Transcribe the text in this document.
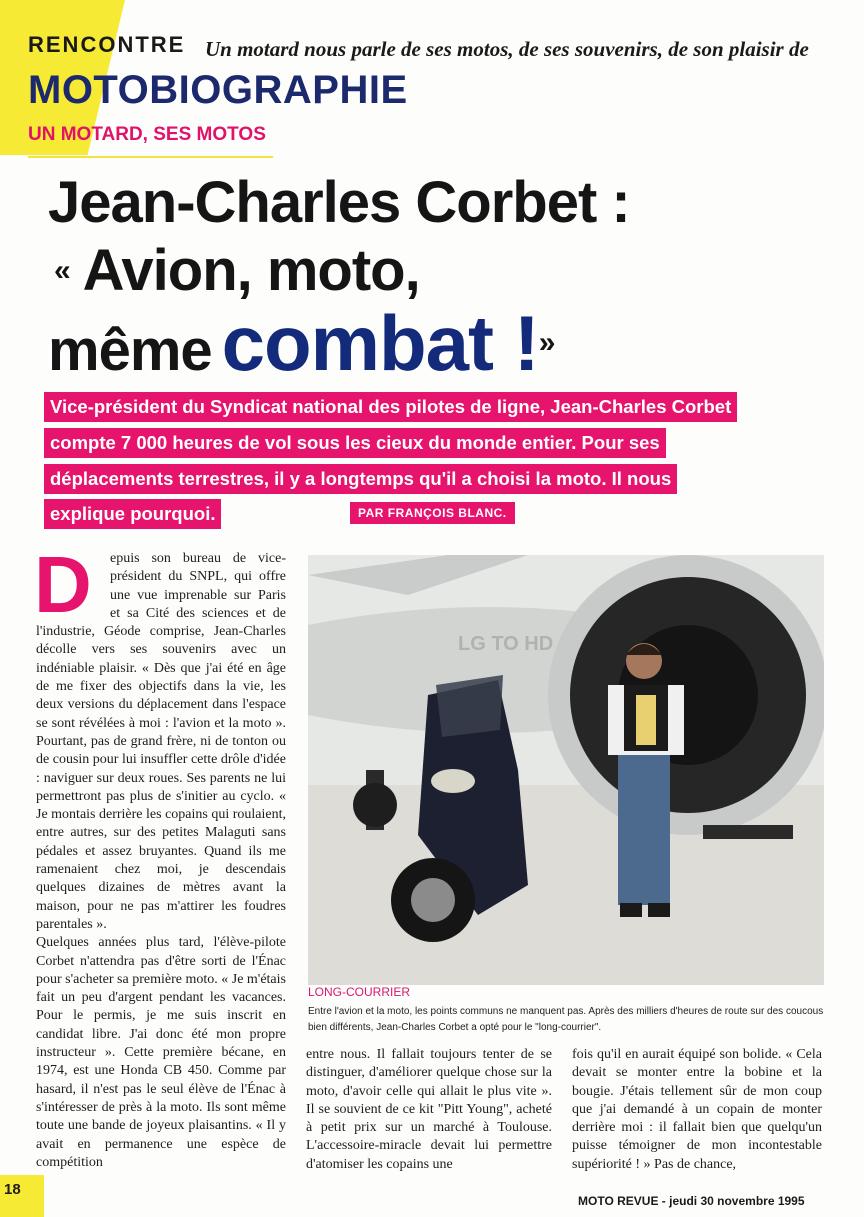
RENCONTRE Un motard nous parle de ses motos, de ses souvenirs, de son plaisir de
MOTOBIOGRAPHIE
UN MOTARD, SES MOTOS
Jean-Charles Corbet :
« Avion, moto,
même combat !»
Vice-président du Syndicat national des pilotes de ligne, Jean-Charles Corbet
compte 7 000 heures de vol sous les cieux du monde entier. Pour ses
déplacements terrestres, il y a longtemps qu'il a choisi la moto. Il nous
explique pourquoi.	PAR FRANÇOIS BLANC.

D	epuis son bureau de vice-président du SNPL, qui offre une vue imprenable sur Paris et sa Cité des sciences et de l'industrie, Géode comprise, Jean-Charles décolle vers ses souvenirs avec un indéniable plaisir. « Dès que j'ai été en âge de me fixer des objectifs dans la vie, les deux versions du déplacement dans l'espace se sont révélées à moi : l'avion et la moto ». Pourtant, pas de grand frère, ni de tonton ou de cousin pour lui insuffler cette drôle d'idée : naviguer sur deux roues. Ses parents ne lui permettront pas plus de s'initier au cyclo. « Je montais derrière les copains qui roulaient, entre autres, sur des petites Malaguti sans pédales et assez bruyantes. Quand ils me ramenaient chez moi, je descendais quelques dizaines de mètres avant la maison, pour ne pas m'attirer les foudres parentales ».

Quelques années plus tard, l'élève-pilote Corbet n'attendra pas d'être sorti de l'Énac pour s'acheter sa première moto. « Je m'étais fait un peu d'argent pendant les vacances. Pour le permis, je me suis inscrit en candidat libre. J'ai donc été mon propre instructeur ». Cette première bécane, en 1974, est une Honda CB 450. Comme par hasard, il n'est pas le seul élève de l'Énac à s'intéresser de près à la moto. Ils sont même toute une bande de joyeux plaisantins. « Il y avait en permanence une espèce de compétition

entre nous. Il fallait toujours tenter de se distinguer, d'améliorer quelque chose sur la moto, d'avoir celle qui allait le plus vite ». Il se souvient de ce kit "Pitt Young", acheté à petit prix sur un marché à Toulouse. L'accessoire-miracle devait lui permettre d'atomiser les copains une

fois qu'il en aurait équipé son bolide. « Cela devait se monter entre la bobine et la bougie. J'étais tellement sûr de mon coup que j'ai demandé à un copain de monter derrière moi : il fallait bien que quelqu'un puisse témoigner de mon incontestable supériorité ! » Pas de chance,

LG TO HD
LONG-COURRIER
Entre l'avion et la moto, les points communs ne manquent pas. Après des milliers d'heures de route sur des coucous bien différents, Jean-Charles Corbet a opté pour le "long-courrier".
18
MOTO REVUE - jeudi 30 novembre 1995
